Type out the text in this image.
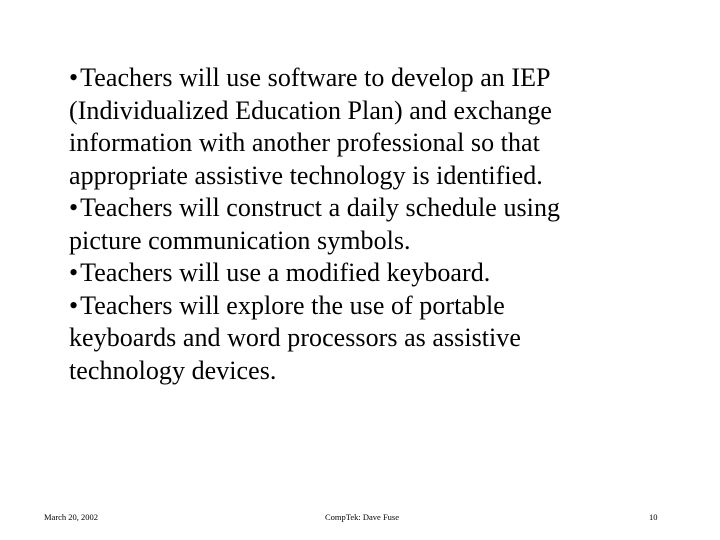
•Teachers will use software to develop an IEP
(Individualized Education Plan) and exchange
information with another professional so that
appropriate assistive technology is identified.
•Teachers will construct a daily schedule using
picture communication symbols.
•Teachers will use a modified keyboard.
•Teachers will explore the use of portable
keyboards and word processors as assistive
technology devices.
March 20, 2002	CompTek: Dave Fuse	10
